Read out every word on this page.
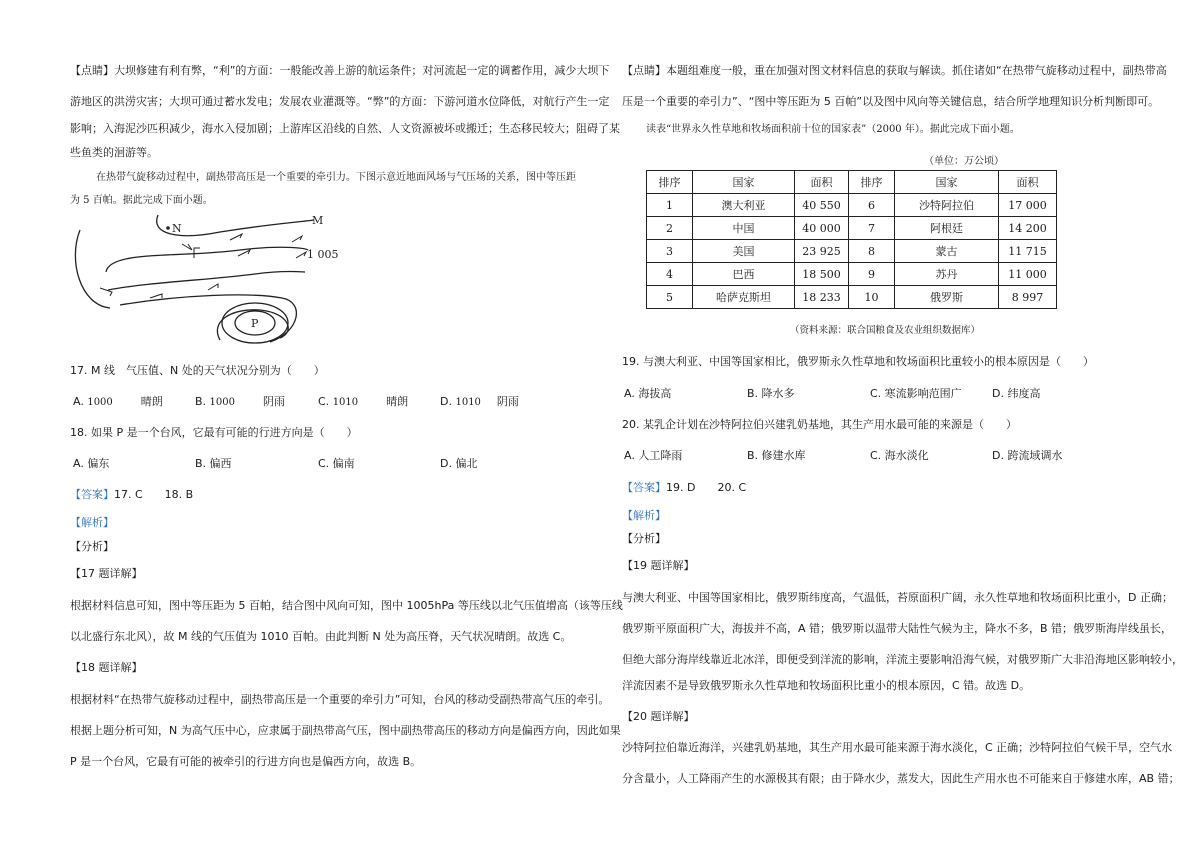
【点睛】大坝修建有利有弊，“利”的方面：一般能改善上游的航运条件；对河流起一定的调蓄作用，减少大坝下
游地区的洪涝灾害；大坝可通过蓄水发电；发展农业灌溉等。“弊”的方面：下游河道水位降低，对航行产生一定
影响；入海泥沙匹积减少，海水入侵加剧；上游库区沿线的自然、人文资源被坏或搬迁；生态移民较大；阻碍了某
些鱼类的洄游等。
在热带气旋移动过程中，副热带高压是一个重要的牵引力。下图示意近地面风场与气压场的关系，图中等压距
为 5 百帕。据此完成下面小题。
N
M
1 005
P
17. M 线　气压值、N 处的天气状况分别为（　　）
A. 1000	晴朗	B. 1000	阴雨	C. 1010	晴朗	D. 1010 阴雨
18. 如果 P 是一个台风，它最有可能的行进方向是（　　）
A. 偏东	B. 偏西	C. 偏南	D. 偏北
【答案】17. C　　18. B
【解析】
【分析】
【17 题详解】
根据材料信息可知，图中等压距为 5 百帕，结合图中风向可知，图中 1005hPa 等压线以北气压值增高（该等压线
以北盛行东北风），故 M 线的气压值为 1010 百帕。由此判断 N 处为高压脊，天气状况晴朗。故选 C。
【18 题详解】
根据材料“在热带气旋移动过程中，副热带高压是一个重要的牵引力”可知，台风的移动受副热带高气压的牵引。
根据上题分析可知，N 为高气压中心，应隶属于副热带高气压，图中副热带高压的移动方向是偏西方向，因此如果
P 是一个台风，它最有可能的被牵引的行进方向也是偏西方向，故选 B。
【点睛】本题组难度一般，重在加强对图文材料信息的获取与解读。抓住诸如“在热带气旋移动过程中，副热带高
压是一个重要的牵引力”、“图中等压距为 5 百帕”以及图中风向等关键信息，结合所学地理知识分析判断即可。
读表“世界永久性草地和牧场面积前十位的国家表”（2000 年）。据此完成下面小题。
（单位：万公顷）
排序	国家	面积	排序	国家	面积
1	澳大利亚	40 550	6	沙特阿拉伯	17 000
2	中国	40 000	7	阿根廷	14 200
3	美国	23 925	8	蒙古	11 715
4	巴西	18 500	9	苏丹	11 000
5	哈萨克斯坦	18 233	10	俄罗斯	8 997
（资料来源：联合国粮食及农业组织数据库）
19. 与澳大利亚、中国等国家相比，俄罗斯永久性草地和牧场面积比重较小的根本原因是（　　）
A. 海拔高	B. 降水多	C. 寒流影响范围广	D. 纬度高
20. 某乳企计划在沙特阿拉伯兴建乳奶基地，其生产用水最可能的来源是（　　）
A. 人工降雨	B. 修建水库	C. 海水淡化	D. 跨流域调水
【答案】19. D　　20. C
【解析】
【分析】
【19 题详解】
与澳大利亚、中国等国家相比，俄罗斯纬度高，气温低，苔原面积广阔，永久性草地和牧场面积比重小，D 正确；
俄罗斯平原面积广大，海拔并不高，A 错；俄罗斯以温带大陆性气候为主，降水不多，B 错；俄罗斯海岸线虽长，
但绝大部分海岸线靠近北冰洋，即便受到洋流的影响，洋流主要影响沿海气候，对俄罗斯广大非沿海地区影响较小，
洋流因素不是导致俄罗斯永久性草地和牧场面积比重小的根本原因，C 错。故选 D。
【20 题详解】
沙特阿拉伯靠近海洋，兴建乳奶基地，其生产用水最可能来源于海水淡化，C 正确；沙特阿拉伯气候干旱，空气水
分含量小，人工降雨产生的水源极其有限；由于降水少，蒸发大，因此生产用水也不可能来自于修建水库，AB 错；
